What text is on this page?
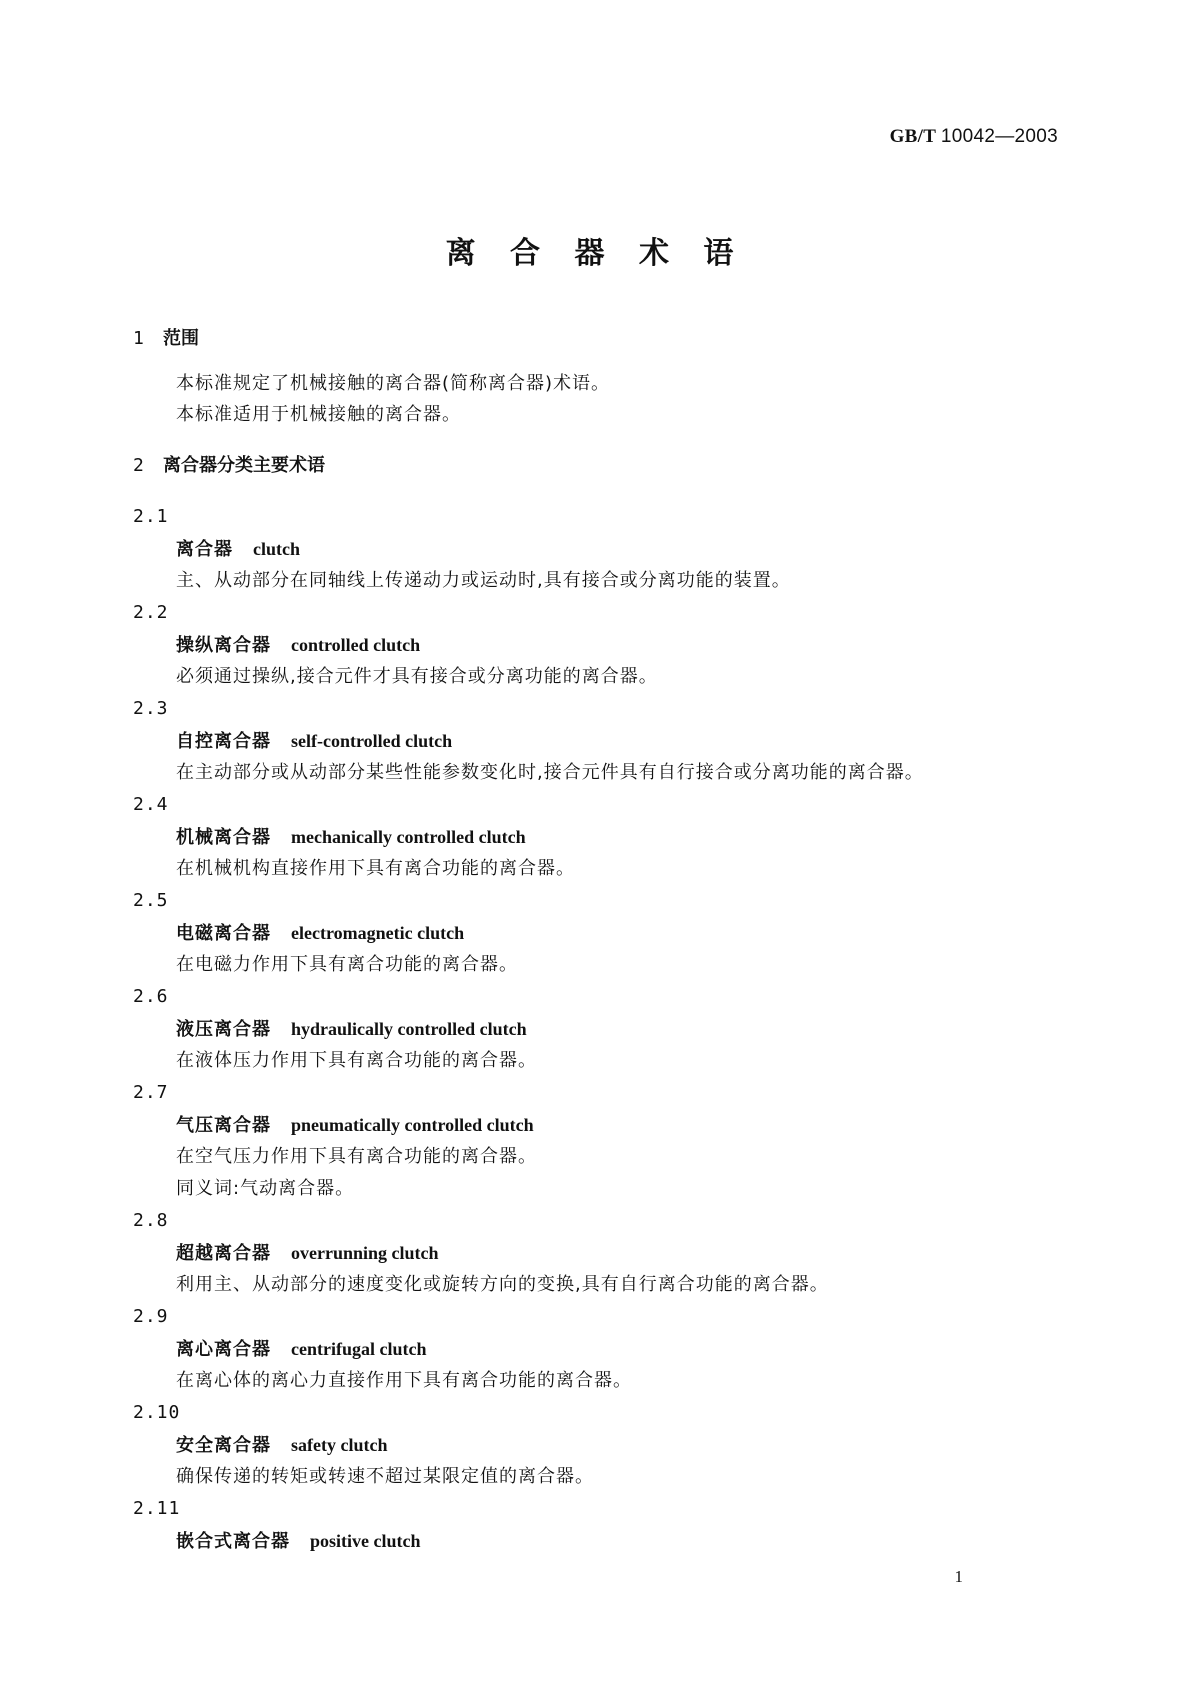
GB/T 10042—2003
离 合 器 术 语
1 范围
本标准规定了机械接触的离合器(简称离合器)术语。
本标准适用于机械接触的离合器。
2 离合器分类主要术语
2.1
离合器 clutch
主、从动部分在同轴线上传递动力或运动时,具有接合或分离功能的装置。
2.2
操纵离合器 controlled clutch
必须通过操纵,接合元件才具有接合或分离功能的离合器。
2.3
自控离合器 self-controlled clutch
在主动部分或从动部分某些性能参数变化时,接合元件具有自行接合或分离功能的离合器。
2.4
机械离合器 mechanically controlled clutch
在机械机构直接作用下具有离合功能的离合器。
2.5
电磁离合器 electromagnetic clutch
在电磁力作用下具有离合功能的离合器。
2.6
液压离合器 hydraulically controlled clutch
在液体压力作用下具有离合功能的离合器。
2.7
气压离合器 pneumatically controlled clutch
在空气压力作用下具有离合功能的离合器。
同义词:气动离合器。
2.8
超越离合器 overrunning clutch
利用主、从动部分的速度变化或旋转方向的变换,具有自行离合功能的离合器。
2.9
离心离合器 centrifugal clutch
在离心体的离心力直接作用下具有离合功能的离合器。
2.10
安全离合器 safety clutch
确保传递的转矩或转速不超过某限定值的离合器。
2.11
嵌合式离合器 positive clutch
1
